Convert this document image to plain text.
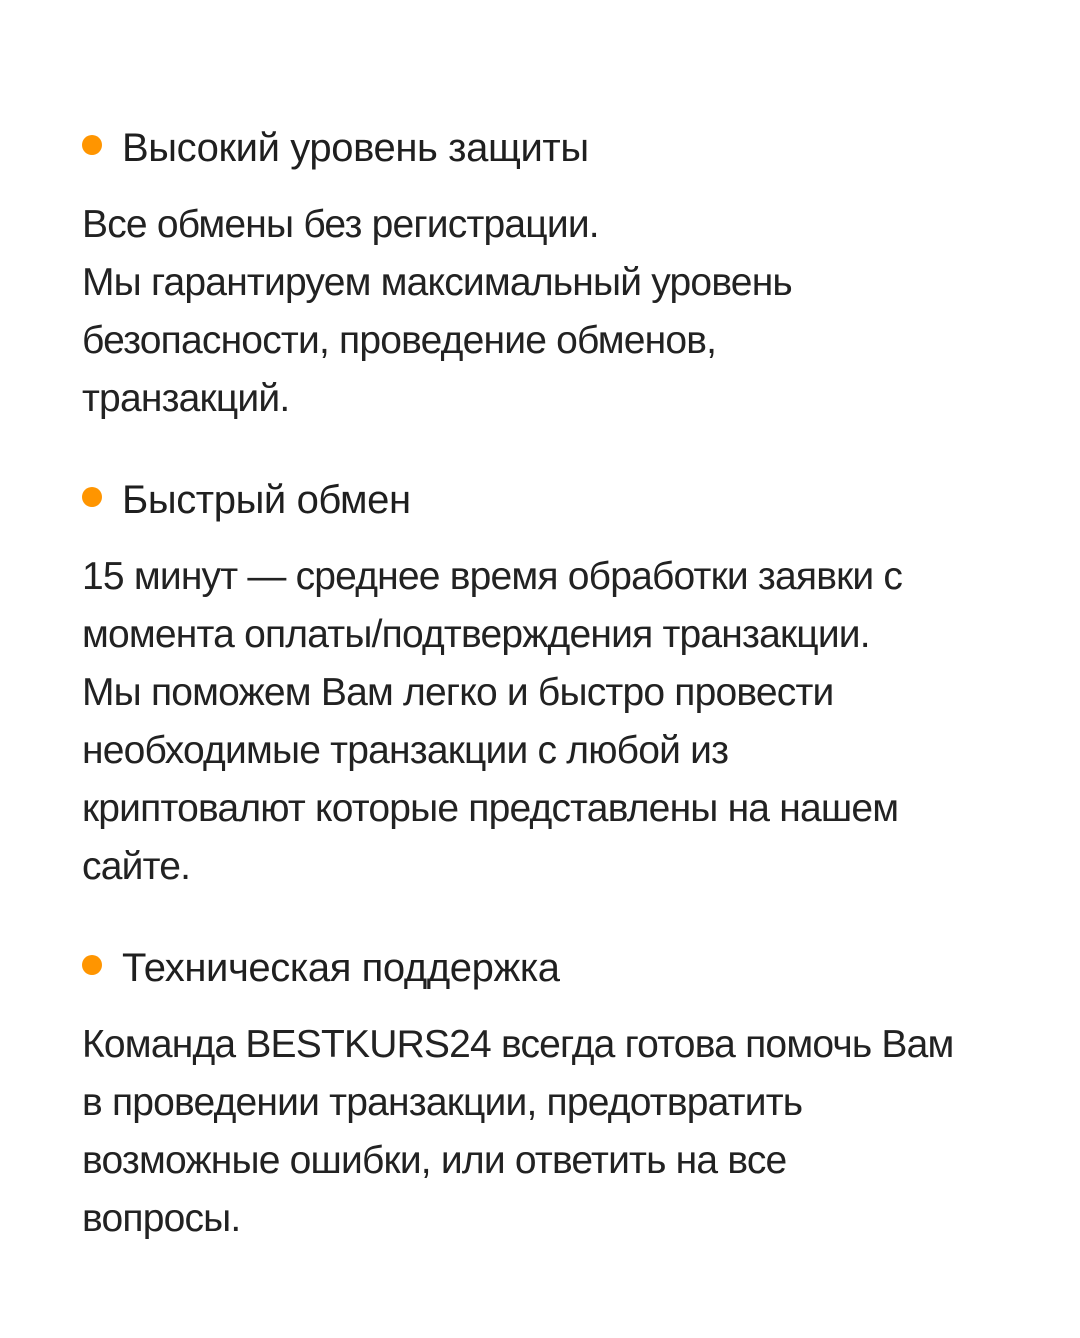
Высокий уровень защиты

Все обмены без регистрации.
Мы гарантируем максимальный уровень
безопасности, проведение обменов,
транзакций.

Быстрый обмен

15 минут — среднее время обработки заявки с
момента оплаты/подтверждения транзакции.
Мы поможем Вам легко и быстро провести
необходимые транзакции с любой из
криптовалют которые представлены на нашем
сайте.

Техническая поддержка

Команда BESTKURS24 всегда готова помочь Вам
в проведении транзакции, предотвратить
возможные ошибки, или ответить на все
вопросы.
